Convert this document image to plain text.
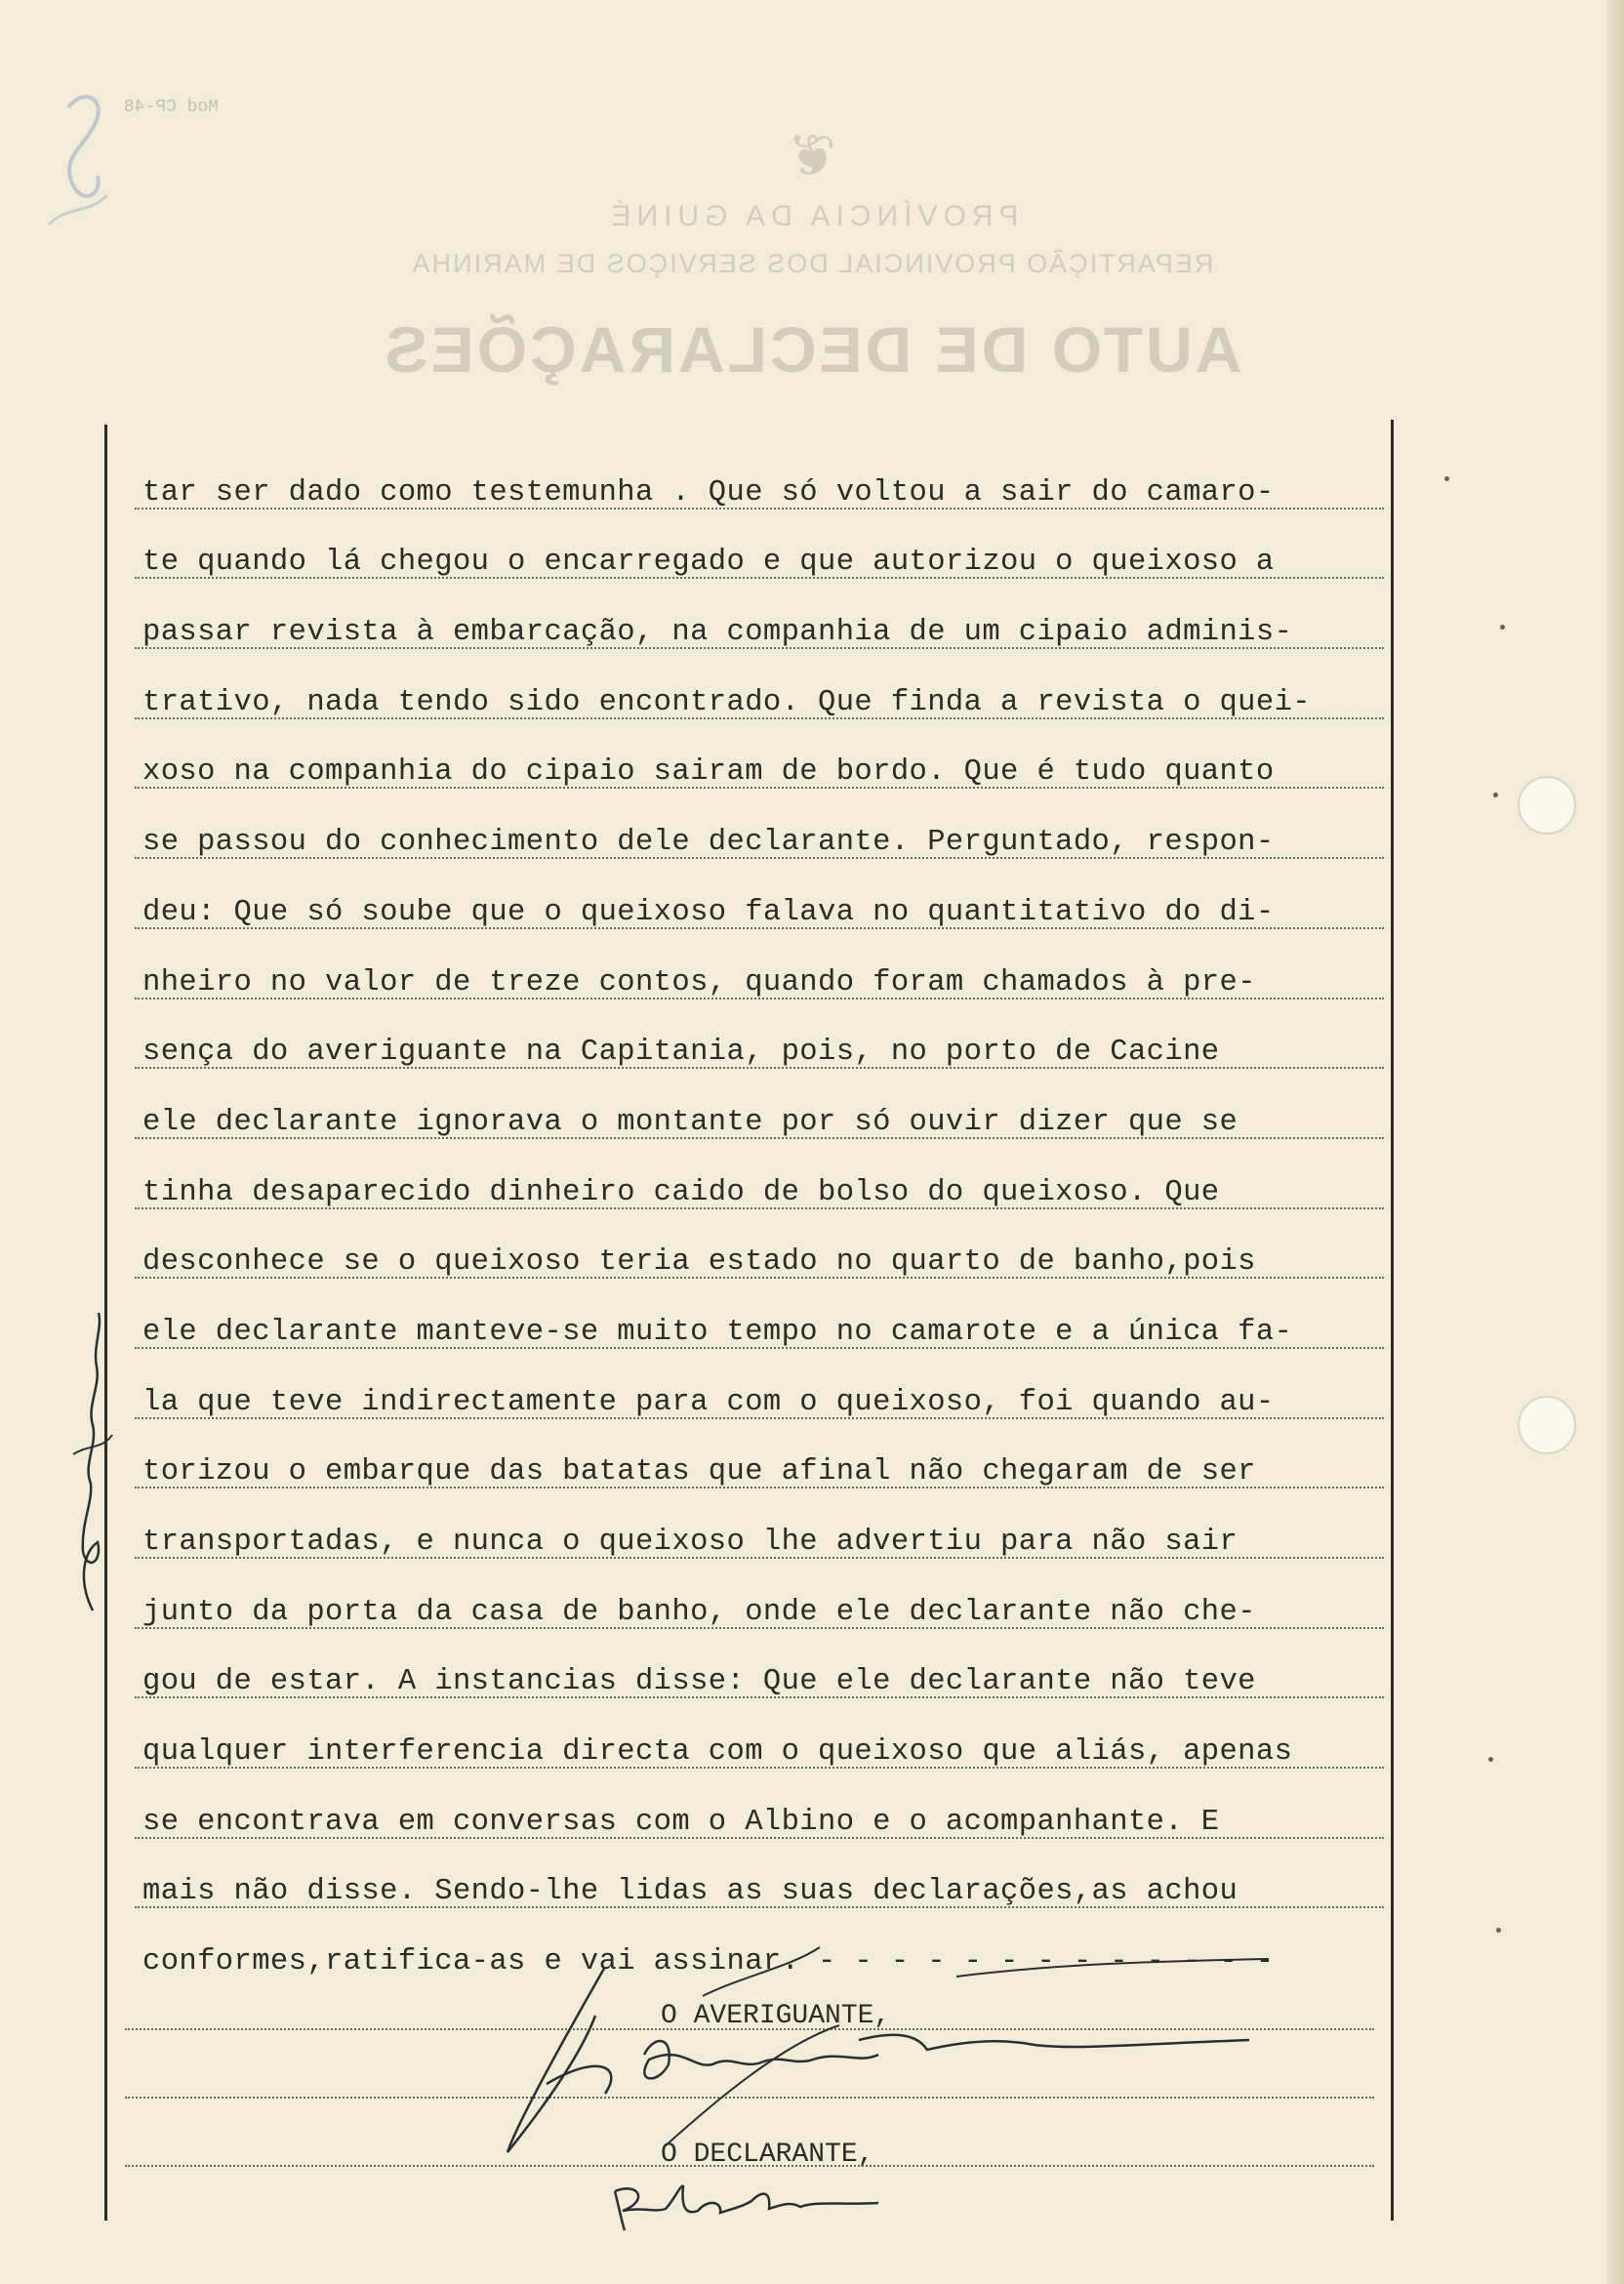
Mod CP-48
❦
PROVÍNCIA DA GUINÉ
REPARTIÇÃO PROVINCIAL DOS SERVIÇOS DE MARINHA
AUTO DE DECLARAÇÕES
tar ser dado como testemunha . Que só voltou a sair do camaro-
te quando lá chegou o encarregado e que autorizou o queixoso a
passar revista à embarcação, na companhia de um cipaio adminis-
trativo, nada tendo sido encontrado. Que finda a revista o quei-
xoso na companhia do cipaio sairam de bordo. Que é tudo quanto
se passou do conhecimento dele declarante. Perguntado, respon-
deu: Que só soube que o queixoso falava no quantitativo do di-
nheiro no valor de treze contos, quando foram chamados à pre-
sença do averiguante na Capitania, pois, no porto de Cacine
ele declarante ignorava o montante por só ouvir dizer que se
tinha desaparecido dinheiro caido de bolso do queixoso. Que
desconhece se o queixoso teria estado no quarto de banho,pois
ele declarante manteve-se muito tempo no camarote e a única fa-
la que teve indirectamente para com o queixoso, foi quando au-
torizou o embarque das batatas que afinal não chegaram de ser
transportadas, e nunca o queixoso lhe advertiu para não sair
junto da porta da casa de banho, onde ele declarante não che-
gou de estar. A instancias disse: Que ele declarante não teve
qualquer interferencia directa com o queixoso que aliás, apenas
se encontrava em conversas com o Albino e o acompanhante. E
mais não disse. Sendo-lhe lidas as suas declarações,as achou
conformes,ratifica-as e vai assinar. - - - - - - - - - - - - -
O AVERIGUANTE,
O DECLARANTE,
